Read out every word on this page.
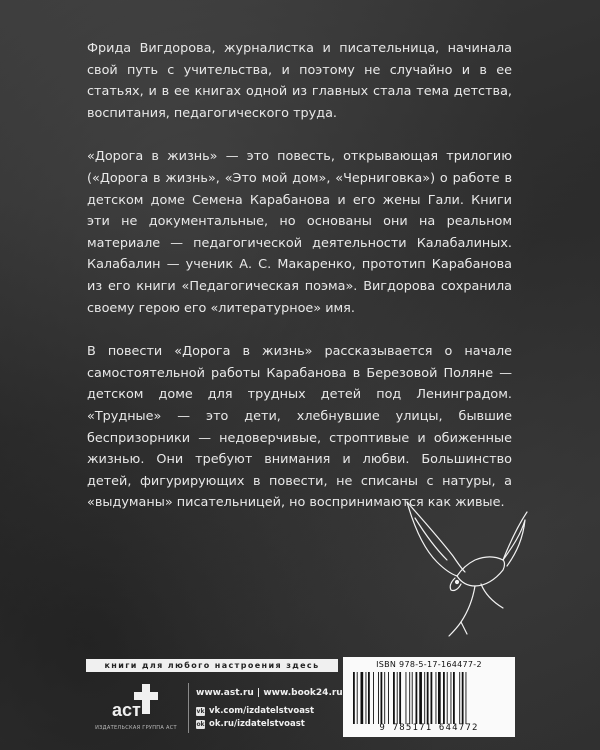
Фрида Вигдорова, журналистка и писательница, начинала свой путь с учительства, и поэтому не случайно и в ее статьях, и в ее книгах одной из главных стала тема детства, воспитания, педагогического труда.

«Дорога в жизнь» — это повесть, открывающая трилогию («Дорога в жизнь», «Это мой дом», «Черниговка») о работе в детском доме Семена Карабанова и его жены Гали. Книги эти не документальные, но основаны они на реальном материале — педагогической деятельности Калабалиных. Калабалин — ученик А. С. Макаренко, прототип Карабанова из его книги «Педагогическая поэма». Вигдорова сохранила своему герою его «литературное» имя.

В повести «Дорога в жизнь» рассказывается о начале самостоятельной работы Карабанова в Березовой Поляне — детском доме для трудных детей под Ленинградом. «Трудные» — это дети, хлебнувшие улицы, бывшие беспризорники — недоверчивые, строптивые и обиженные жизнью. Они требуют внимания и любви. Большинство детей, фигурирующих в повести, не списаны с натуры, а «выдуманы» писательницей, но воспринимаются как живые.

книги для любого настроения здесь
аст
ИЗДАТЕЛЬСКАЯ ГРУППА АСТ
www.ast.ru | www.book24.ru
vk vk.com/izdatelstvoast
ok ok.ru/izdatelstvoast
ISBN 978-5-17-164477-2
9 785171 644772
